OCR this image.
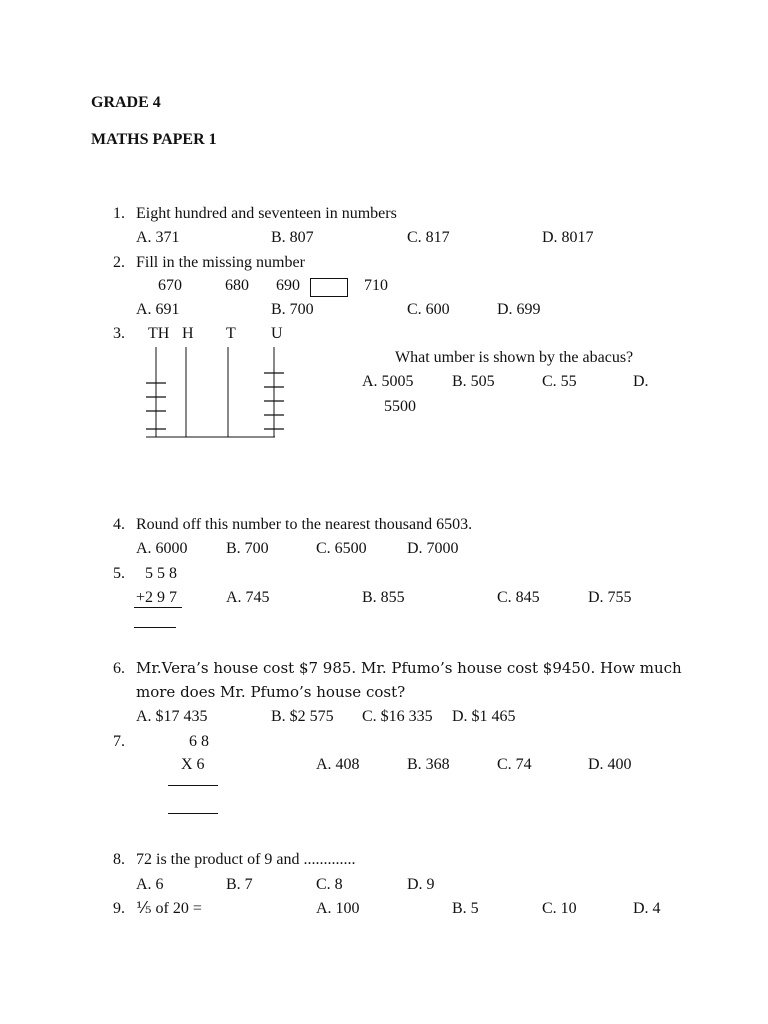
GRADE 4
MATHS PAPER 1
1. Eight hundred and seventeen in numbers
A. 371	B. 807	C. 817	D. 8017
2. Fill in the missing number
670	680 690	710
A. 691	B. 700	C. 600	D. 699
3. TH H T U
What umber is shown by the abacus?
A. 5005 B. 505	C. 55	D.
5500
4. Round off this number to the nearest thousand 6503.
A. 6000 B. 700	C. 6500	D. 7000
5. 5 5 8
+2 9 7	A. 745	B. 855	C. 845	D. 755
6. Mr.Vera’s house cost $7 985. Mr. Pfumo’s house cost $9450. How much
more does Mr. Pfumo’s house cost?
A. $17 435	B. $2 575 C. $16 335 D. $1 465
7.	6 8
X 6	A. 408	B. 368	C. 74	D. 400
8. 72 is the product of 9 and .............
A. 6	B. 7	C. 8	D. 9
9. ⅕ of 20 =	A. 100	B. 5	C. 10	D. 4
